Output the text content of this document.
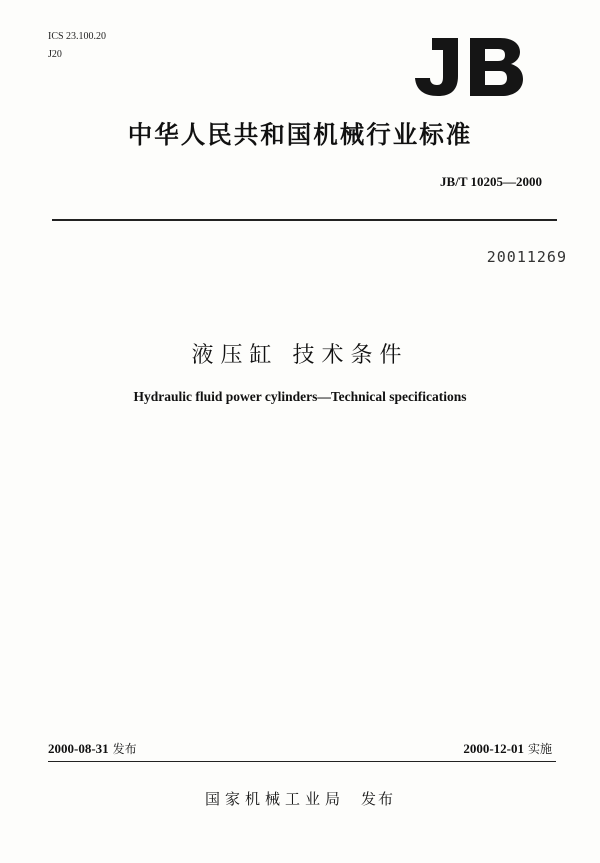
ICS 23.100.20
J20
中华人民共和国机械行业标准
JB/T 10205—2000
20011269
液压缸 技术条件
Hydraulic fluid power cylinders—Technical specifications
2000-08-31 发布	2000-12-01 实施
国家机械工业局 发布
